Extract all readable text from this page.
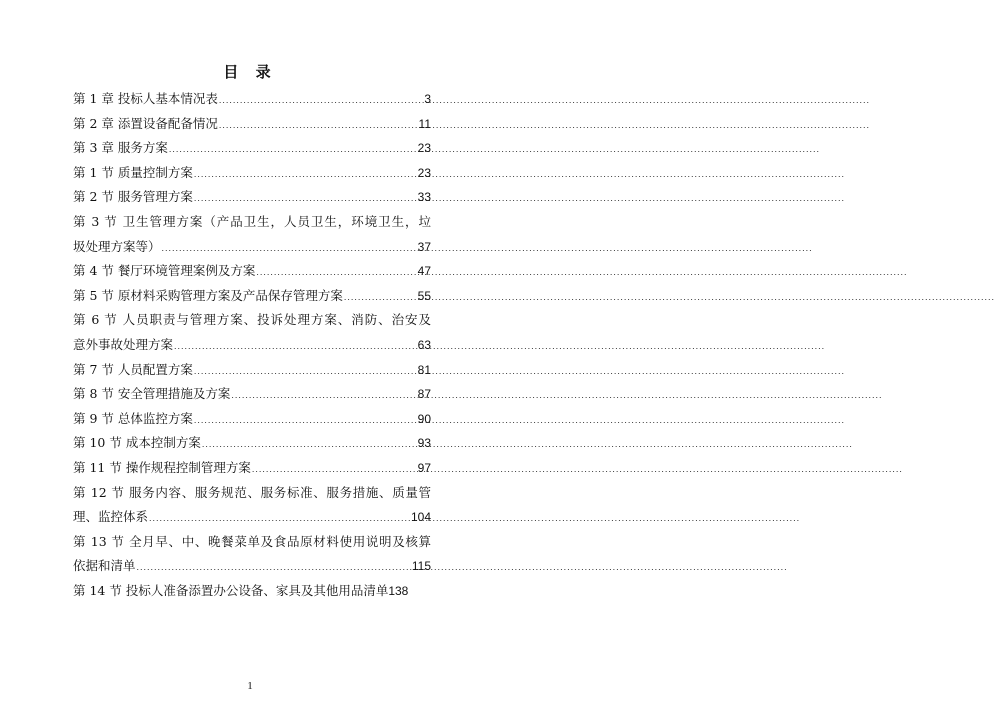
目 录
第 1 章 投标人基本情况表 .....	3
第 2 章 添置设备配备情况 .....	11
第 3 章 服务方案 .....	23
第 1 节 质量控制方案 .....	23
第 2 节 服务管理方案 .....	33
第 3 节 卫生管理方案（产品卫生，人员卫生，环境卫生，垃
圾处理方案等） .....	37
第 4 节 餐厅环境管理案例及方案 .....	47
第 5 节 原材料采购管理方案及产品保存管理方案 .....	55
第 6 节 人员职责与管理方案、投诉处理方案、消防、治安及
意外事故处理方案 .....	63
第 7 节 人员配置方案 .....	81
第 8 节 安全管理措施及方案 .....	87
第 9 节 总体监控方案 .....	90
第 10 节 成本控制方案 .....	93
第 11 节 操作规程控制管理方案 .....	97
第 12 节 服务内容、服务规范、服务标准、服务措施、质量管
理、监控体系 .....	104
第 13 节 全月早、中、晚餐菜单及食品原材料使用说明及核算
依据和清单 .....	115
第 14 节 投标人准备添置办公设备、家具及其他用品清单 138
1
